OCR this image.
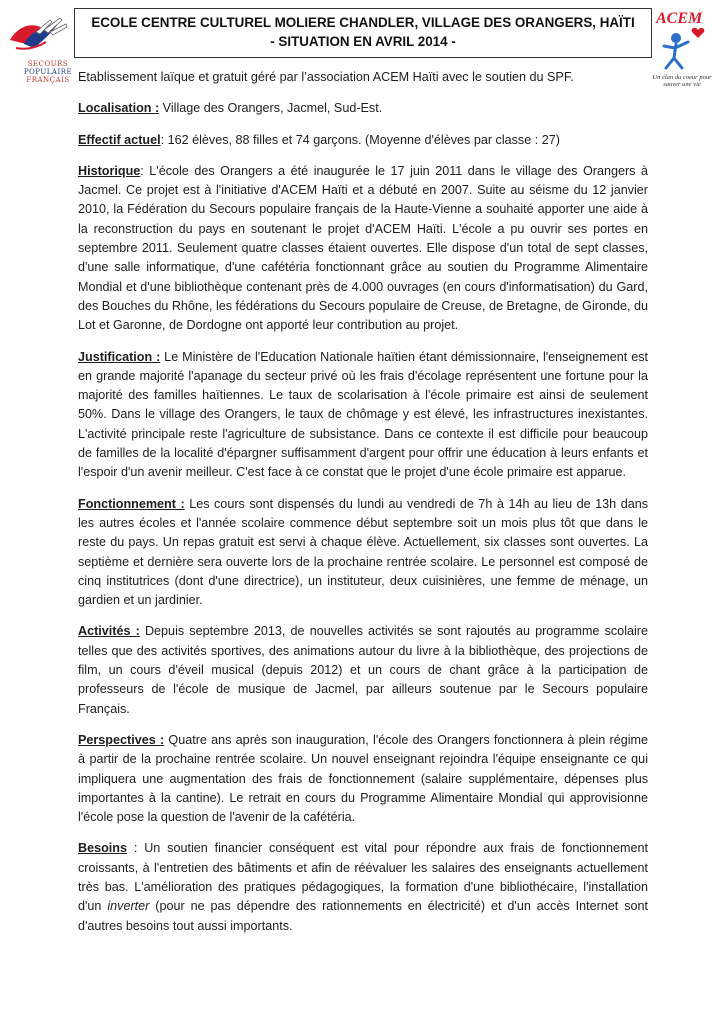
SECOURS
POPULAIRE
FRANÇAIS
ECOLE CENTRE CULTUREL MOLIERE CHANDLER, VILLAGE DES ORANGERS, HAÏTI
- SITUATION EN AVRIL 2014 -
ACEM
Un élan du coeur pour sauver une vie

Etablissement laïque et gratuit géré par l’association ACEM Haïti avec le soutien du SPF.

Localisation : Village des Orangers, Jacmel, Sud-Est.

Effectif actuel: 162 élèves, 88 filles et 74 garçons. (Moyenne d'élèves par classe : 27)

Historique: L'école des Orangers a été inaugurée le 17 juin 2011 dans le village des Orangers à Jacmel. Ce projet est à l'initiative d'ACEM Haïti et a débuté en 2007. Suite au séisme du 12 janvier 2010, la Fédération du Secours populaire français de la Haute-Vienne a souhaité apporter une aide à la reconstruction du pays en soutenant le projet d'ACEM Haïti. L'école a pu ouvrir ses portes en septembre 2011. Seulement quatre classes étaient ouvertes. Elle dispose d'un total de sept classes, d'une salle informatique, d'une cafétéria fonctionnant grâce au soutien du Programme Alimentaire Mondial et d'une bibliothèque contenant près de 4.000 ouvrages (en cours d'informatisation) du Gard, des Bouches du Rhône, les fédérations du Secours populaire de Creuse, de Bretagne, de Gironde, du Lot et Garonne, de Dordogne ont apporté leur contribution au projet.

Justification : Le Ministère de l'Education Nationale haïtien étant démissionnaire, l'enseignement est en grande majorité l'apanage du secteur privé où les frais d'écolage représentent une fortune pour la majorité des familles haïtiennes. Le taux de scolarisation à l'école primaire est ainsi de seulement 50%. Dans le village des Orangers, le taux de chômage y est élevé, les infrastructures inexistantes. L'activité principale reste l'agriculture de subsistance. Dans ce contexte il est difficile pour beaucoup de familles de la localité d'épargner suffisamment d'argent pour offrir une éducation à leurs enfants et l'espoir d'un avenir meilleur. C'est face à ce constat que le projet d'une école primaire est apparue.

Fonctionnement : Les cours sont dispensés du lundi au vendredi de 7h à 14h au lieu de 13h dans les autres écoles et l'année scolaire commence début septembre soit un mois plus tôt que dans le reste du pays. Un repas gratuit est servi à chaque élève. Actuellement, six classes sont ouvertes. La septième et dernière sera ouverte lors de la prochaine rentrée scolaire. Le personnel est composé de cinq institutrices (dont d'une directrice), un instituteur, deux cuisinières, une femme de ménage, un gardien et un jardinier.

Activités : Depuis septembre 2013, de nouvelles activités se sont rajoutés au programme scolaire telles que des activités sportives, des animations autour du livre à la bibliothèque, des projections de film, un cours d'éveil musical (depuis 2012) et un cours de chant grâce à la participation de professeurs de l'école de musique de Jacmel, par ailleurs soutenue par le Secours populaire Français.

Perspectives : Quatre ans après son inauguration, l'école des Orangers fonctionnera à plein régime à partir de la prochaine rentrée scolaire. Un nouvel enseignant rejoindra l'équipe enseignante ce qui impliquera une augmentation des frais de fonctionnement (salaire supplémentaire, dépenses plus importantes à la cantine). Le retrait en cours du Programme Alimentaire Mondial qui approvisionne l'école pose la question de l'avenir de la cafétéria.

Besoins : Un soutien financier conséquent est vital pour répondre aux frais de fonctionnement croissants, à l'entretien des bâtiments et afin de réévaluer les salaires des enseignants actuellement très bas. L'amélioration des pratiques pédagogiques, la formation d'une bibliothécaire, l'installation d'un inverter (pour ne pas dépendre des rationnements en électricité) et d'un accès Internet sont d'autres besoins tout aussi importants.
